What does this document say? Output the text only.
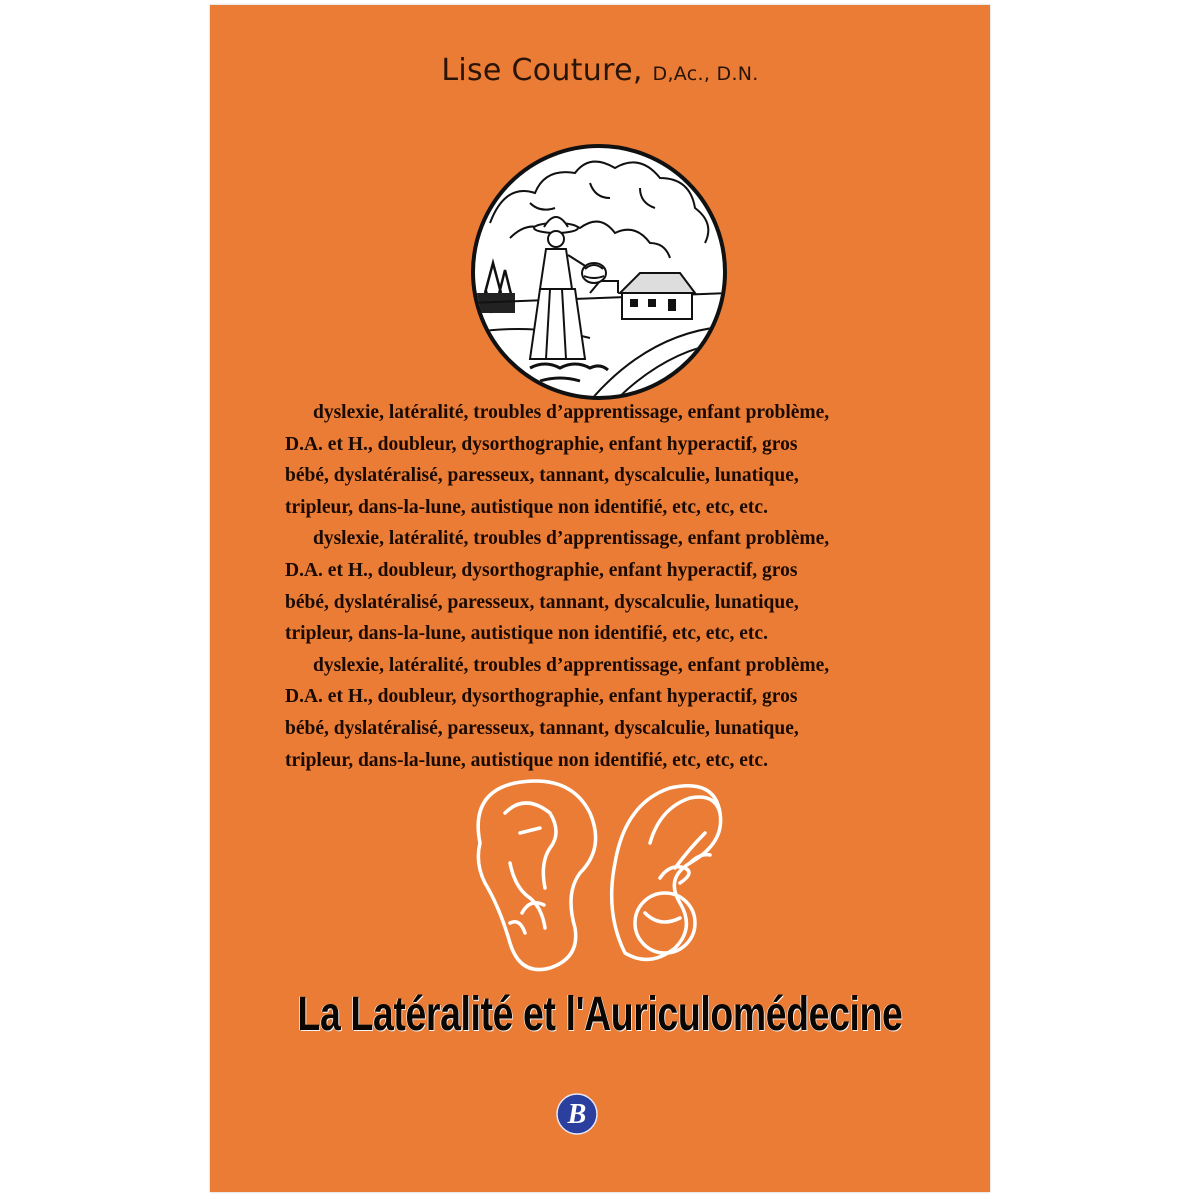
Lise Couture, D,Ac., D.N.
dyslexie, latéralité, troubles d’apprentissage, enfant problème,
D.A. et H., doubleur, dysorthographie, enfant hyperactif, gros
bébé, dyslatéralisé, paresseux, tannant, dyscalculie, lunatique,
tripleur, dans-la-lune, autistique non identifié, etc, etc, etc.
dyslexie, latéralité, troubles d’apprentissage, enfant problème,
D.A. et H., doubleur, dysorthographie, enfant hyperactif, gros
bébé, dyslatéralisé, paresseux, tannant, dyscalculie, lunatique,
tripleur, dans-la-lune, autistique non identifié, etc, etc, etc.
dyslexie, latéralité, troubles d’apprentissage, enfant problème,
D.A. et H., doubleur, dysorthographie, enfant hyperactif, gros
bébé, dyslatéralisé, paresseux, tannant, dyscalculie, lunatique,
tripleur, dans-la-lune, autistique non identifié, etc, etc, etc.
La Latéralité et l'Auriculomédecine
B
